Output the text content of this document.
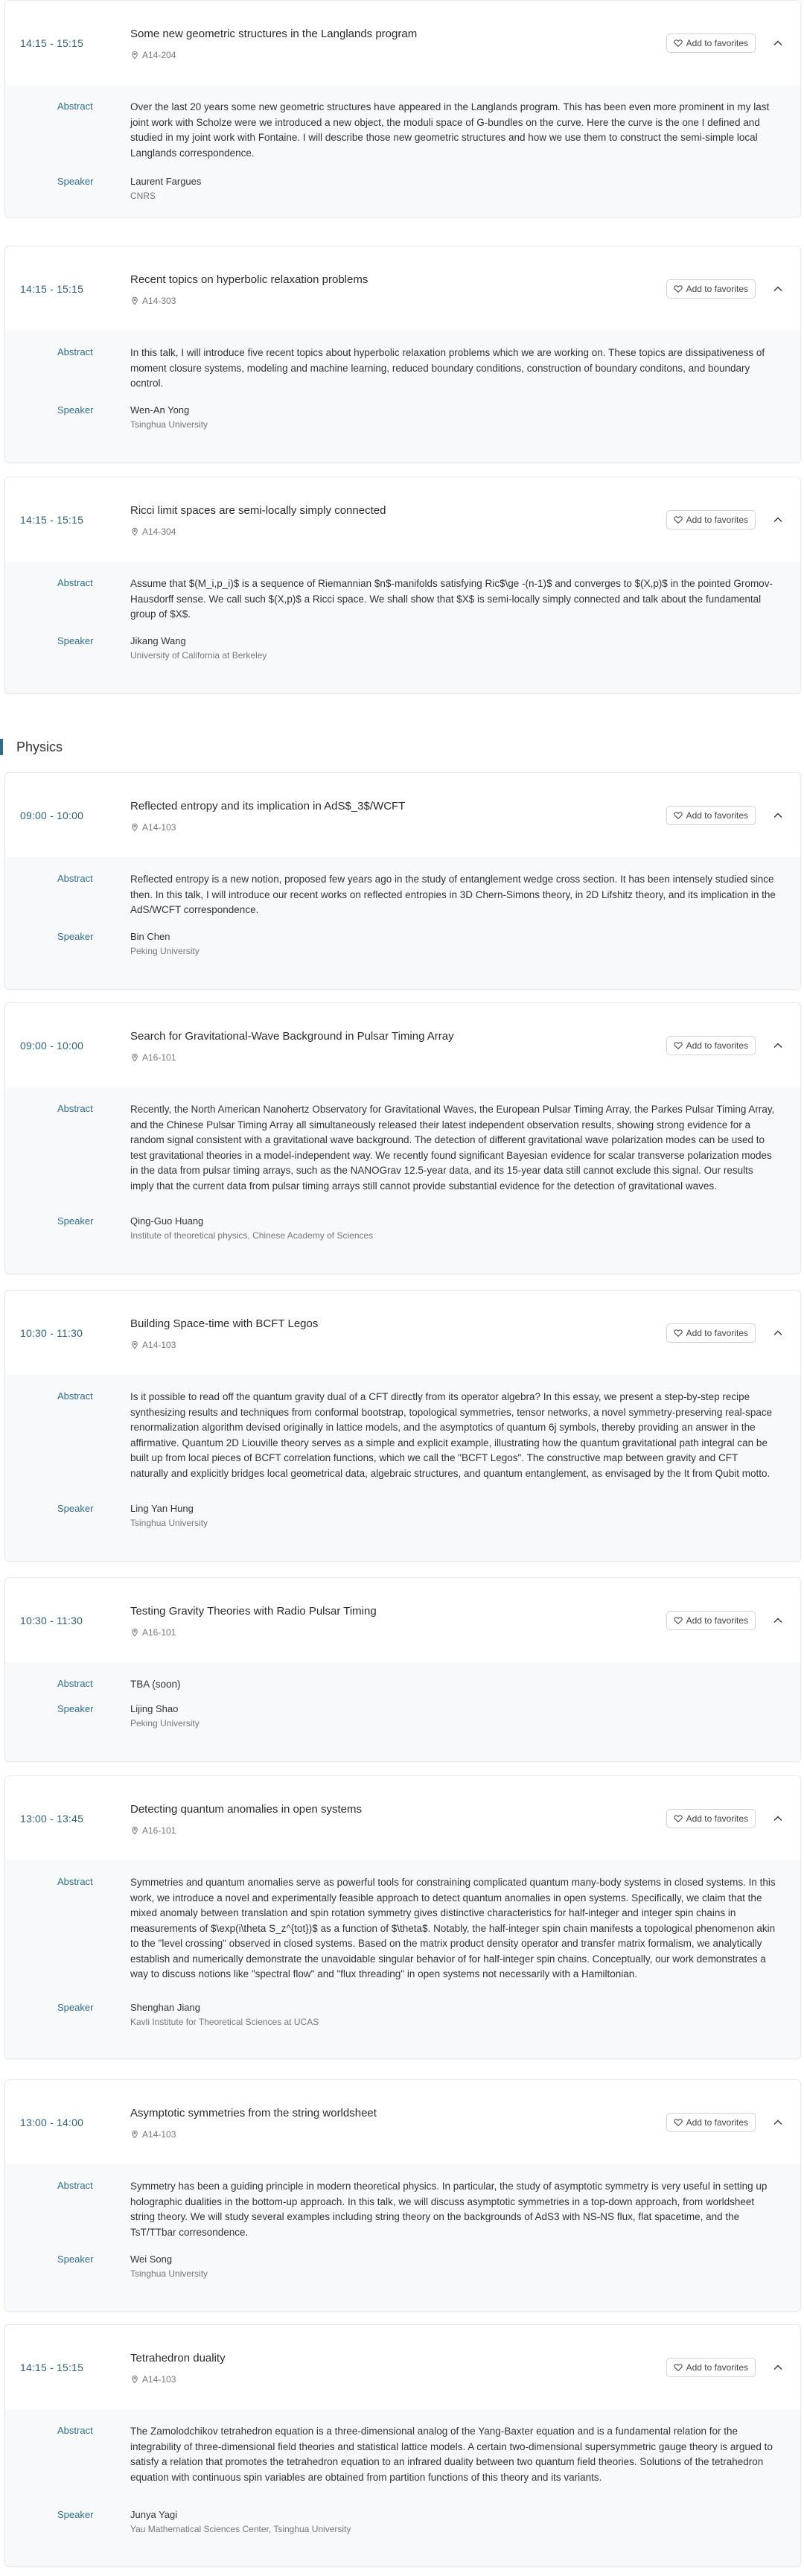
Physics
14:15 - 15:15
Some new geometric structures in the Langlands program
A14-204
Add to favorites
Abstract	Over the last 20 years some new geometric structures have appeared in the Langlands program. This has been even more prominent in my last joint work with Scholze were we introduced a new object, the moduli space of G-bundles on the curve. Here the curve is the one I defined and studied in my joint work with Fontaine. I will describe those new geometric structures and how we use them to construct the semi-simple local Langlands correspondence.
Speaker	Laurent Fargues
CNRS
14:15 - 15:15
Recent topics on hyperbolic relaxation problems
A14-303
Add to favorites
Abstract	In this talk, I will introduce five recent topics about hyperbolic relaxation problems which we are working on. These topics are dissipativeness of moment closure systems, modeling and machine learning, reduced boundary conditions, construction of boundary conditons, and boundary ocntrol.
Speaker	Wen-An Yong
Tsinghua University
14:15 - 15:15
Ricci limit spaces are semi-locally simply connected
A14-304
Add to favorites
Abstract	Assume that $(M_i,p_i)$ is a sequence of Riemannian $n$-manifolds satisfying Ric$\ge -(n-1)$ and converges to $(X,p)$ in the pointed Gromov-Hausdorff sense. We call such $(X,p)$ a Ricci space. We shall show that $X$ is semi-locally simply connected and talk about the fundamental group of $X$.
Speaker	Jikang Wang
University of California at Berkeley
09:00 - 10:00
Reflected entropy and its implication in AdS$_3$/WCFT
A14-103
Add to favorites
Abstract	Reflected entropy is a new notion, proposed few years ago in the study of entanglement wedge cross section. It has been intensely studied since then. In this talk, I will introduce our recent works on reflected entropies in 3D Chern-Simons theory, in 2D Lifshitz theory, and its implication in the AdS/WCFT correspondence.
Speaker	Bin Chen
Peking University
09:00 - 10:00
Search for Gravitational-Wave Background in Pulsar Timing Array
A16-101
Add to favorites
Abstract	Recently, the North American Nanohertz Observatory for Gravitational Waves, the European Pulsar Timing Array, the Parkes Pulsar Timing Array, and the Chinese Pulsar Timing Array all simultaneously released their latest independent observation results, showing strong evidence for a random signal consistent with a gravitational wave background. The detection of different gravitational wave polarization modes can be used to test gravitational theories in a model-independent way. We recently found significant Bayesian evidence for scalar transverse polarization modes in the data from pulsar timing arrays, such as the NANOGrav 12.5-year data, and its 15-year data still cannot exclude this signal. Our results imply that the current data from pulsar timing arrays still cannot provide substantial evidence for the detection of gravitational waves.
Speaker	Qing-Guo Huang
Institute of theoretical physics, Chinese Academy of Sciences
10:30 - 11:30
Building Space-time with BCFT Legos
A14-103
Add to favorites
Abstract	Is it possible to read off the quantum gravity dual of a CFT directly from its operator algebra? In this essay, we present a step-by-step recipe synthesizing results and techniques from conformal bootstrap, topological symmetries, tensor networks, a novel symmetry-preserving real-space renormalization algorithm devised originally in lattice models, and the asymptotics of quantum 6j symbols, thereby providing an answer in the affirmative. Quantum 2D Liouville theory serves as a simple and explicit example, illustrating how the quantum gravitational path integral can be built up from local pieces of BCFT correlation functions, which we call the "BCFT Legos". The constructive map between gravity and CFT naturally and explicitly bridges local geometrical data, algebraic structures, and quantum entanglement, as envisaged by the It from Qubit motto.
Speaker	Ling Yan Hung
Tsinghua University
10:30 - 11:30
Testing Gravity Theories with Radio Pulsar Timing
A16-101
Add to favorites
Abstract	TBA (soon)
Speaker	Lijing Shao
Peking University
13:00 - 13:45
Detecting quantum anomalies in open systems
A16-101
Add to favorites
Abstract	Symmetries and quantum anomalies serve as powerful tools for constraining complicated quantum many-body systems in closed systems. In this work, we introduce a novel and experimentally feasible approach to detect quantum anomalies in open systems. Specifically, we claim that the mixed anomaly between translation and spin rotation symmetry gives distinctive characteristics for half-integer and integer spin chains in measurements of $\exp(i\theta S_z^{tot})$ as a function of $\theta$. Notably, the half-integer spin chain manifests a topological phenomenon akin to the "level crossing" observed in closed systems. Based on the matrix product density operator and transfer matrix formalism, we analytically establish and numerically demonstrate the unavoidable singular behavior of for half-integer spin chains. Conceptually, our work demonstrates a way to discuss notions like "spectral flow" and "flux threading" in open systems not necessarily with a Hamiltonian.
Speaker	Shenghan Jiang
Kavli Institute for Theoretical Sciences at UCAS
13:00 - 14:00
Asymptotic symmetries from the string worldsheet
A14-103
Add to favorites
Abstract	Symmetry has been a guiding principle in modern theoretical physics. In particular, the study of asymptotic symmetry is very useful in setting up holographic dualities in the bottom-up approach. In this talk, we will discuss asymptotic symmetries in a top-down approach, from worldsheet string theory. We will study several examples including string theory on the backgrounds of AdS3 with NS-NS flux, flat spacetime, and the TsT/TTbar corresondence.
Speaker	Wei Song
Tsinghua University
14:15 - 15:15
Tetrahedron duality
A14-103
Add to favorites
Abstract	The Zamolodchikov tetrahedron equation is a three-dimensional analog of the Yang-Baxter equation and is a fundamental relation for the integrability of three-dimensional field theories and statistical lattice models. A certain two-dimensional supersymmetric gauge theory is argued to satisfy a relation that promotes the tetrahedron equation to an infrared duality between two quantum field theories. Solutions of the tetrahedron equation with continuous spin variables are obtained from partition functions of this theory and its variants.
Speaker	Junya Yagi
Yau Mathematical Sciences Center, Tsinghua University
